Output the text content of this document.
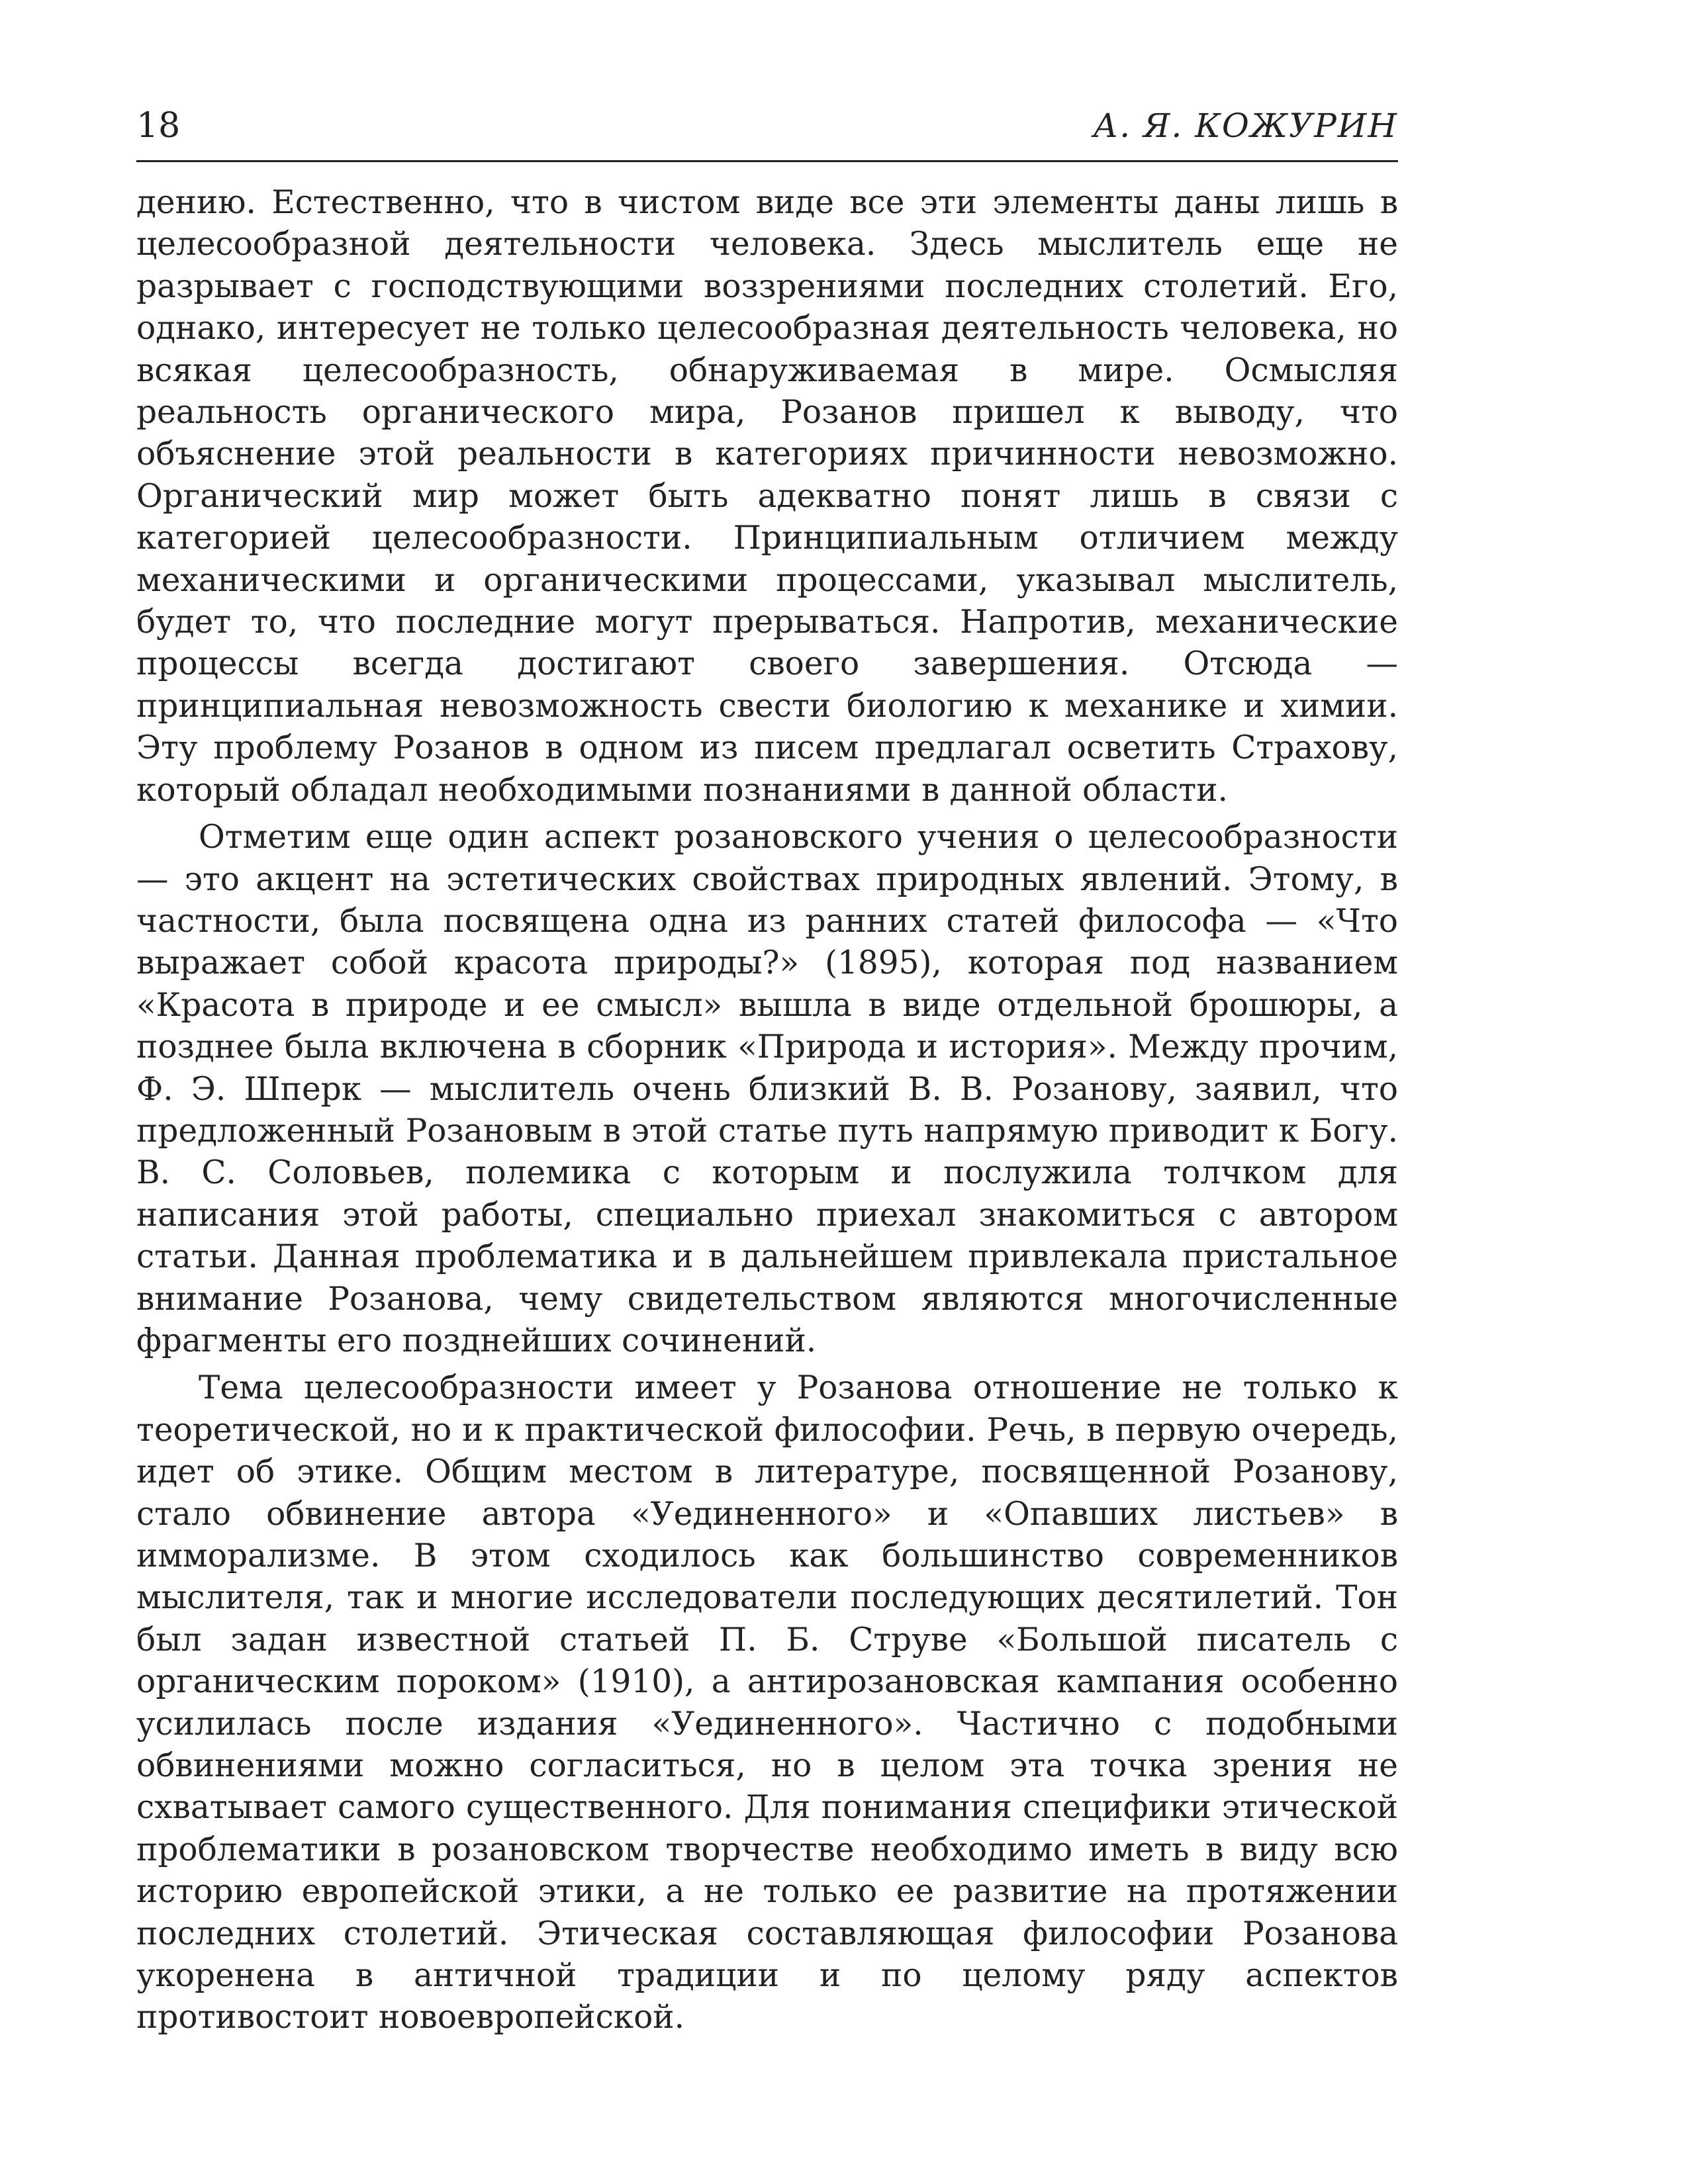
18	А. Я. КОЖУРИН

дению. Естественно, что в чистом виде все эти элементы даны лишь в целесообразной деятельности человека. Здесь мыслитель еще не разрывает с господствующими воззрениями последних столетий. Его, однако, интересует не только целесообразная деятельность человека, но всякая целесообразность, обнаруживаемая в мире. Осмысляя реальность органического мира, Розанов пришел к выводу, что объяснение этой реальности в категориях причинности невозможно. Органический мир может быть адекватно понят лишь в связи с категорией целесообразности. Принципиальным отличием между механическими и органическими процессами, указывал мыслитель, будет то, что последние могут прерываться. Напротив, механические процессы всегда достигают своего завершения. Отсюда — принципиальная невозможность свести биологию к механике и химии. Эту проблему Розанов в одном из писем предлагал осветить Страхову, который обладал необходимыми познаниями в данной области.

Отметим еще один аспект розановского учения о целесообразности — это акцент на эстетических свойствах природных явлений. Этому, в частности, была посвящена одна из ранних статей философа — «Что выражает собой красота природы?» (1895), которая под названием «Красота в природе и ее смысл» вышла в виде отдельной брошюры, а позднее была включена в сборник «Природа и история». Между прочим, Ф. Э. Шперк — мыслитель очень близкий В. В. Розанову, заявил, что предложенный Розановым в этой статье путь напрямую приводит к Богу. В. С. Соловьев, полемика с которым и послужила толчком для написания этой работы, специально приехал знакомиться с автором статьи. Данная проблематика и в дальнейшем привлекала пристальное внимание Розанова, чему свидетельством являются многочисленные фрагменты его позднейших сочинений.

Тема целесообразности имеет у Розанова отношение не только к теоретической, но и к практической философии. Речь, в первую очередь, идет об этике. Общим местом в литературе, посвященной Розанову, стало обвинение автора «Уединенного» и «Опавших листьев» в имморализме. В этом сходилось как большинство современников мыслителя, так и многие исследователи последующих десятилетий. Тон был задан известной статьей П. Б. Струве «Большой писатель с органическим пороком» (1910), а антирозановская кампания особенно усилилась после издания «Уединенного». Частично с подобными обвинениями можно согласиться, но в целом эта точка зрения не схватывает самого существенного. Для понимания специфики этической проблематики в розановском творчестве необходимо иметь в виду всю историю европейской этики, а не только ее развитие на протяжении последних столетий. Этическая составляющая философии Розанова укоренена в античной традиции и по целому ряду аспектов противостоит новоевропейской.
